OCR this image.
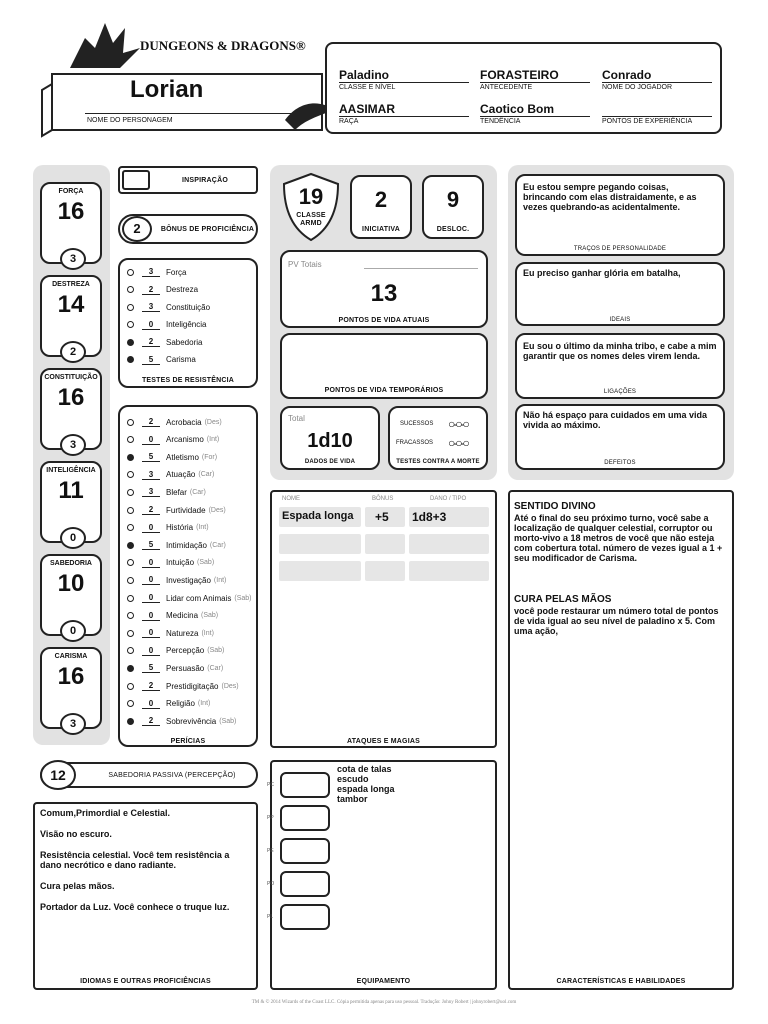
DUNGEONS & DRAGONS®
Lorian
NOME DO PERSONAGEM
Paladino
CLASSE E NÍVEL
FORASTEIRO
ANTECEDENTE
Conrado
NOME DO JOGADOR
AASIMAR
RAÇA
Caotico Bom
TENDÊNCIA	PONTOS DE EXPERIÊNCIA
FORÇA
16
3
DESTREZA
14
2
CONSTITUIÇÃO
16
3
INTELIGÊNCIA
11
0
SABEDORIA
10
0
CARISMA
16
3
INSPIRAÇÃO
2	BÔNUS DE PROFICIÊNCIA
3	Força
2	Destreza
3	Constituição
0	Inteligência
2	Sabedoria
5	Carisma
TESTES DE RESISTÊNCIA
2	Acrobacia (Des)
0	Arcanismo (Int)
5	Atletismo (For)
3	Atuação (Car)
3	Blefar (Car)
2	Furtividade (Des)
0	História (Int)
5	Intimidação (Car)
0	Intuição (Sab)
0	Investigação (Int)
0	Lidar com Animais (Sab)
0	Medicina (Sab)
0	Natureza (Int)
0	Percepção (Sab)
5	Persuasão (Car)
2	Prestidigitação (Des)
0	Religião (Int)
2	Sobrevivência (Sab)
PERÍCIAS
12	SABEDORIA PASSIVA (PERCEPÇÃO)
Comum,Primordial e Celestial.
Visão no escuro.
Resistência celestial. Você tem resistência a dano necrótico e dano radiante.
Cura pelas mãos.
Portador da Luz. Você conhece o truque luz.
IDIOMAS E OUTRAS PROFICIÊNCIAS
19
CLASSE ARMD
2
INICIATIVA
9
DESLOC.
PV Totais
13
PONTOS DE VIDA ATUAIS
PONTOS DE VIDA TEMPORÁRIOS
Total
1d10
DADOS DE VIDA
SUCESSOS ○-○-○
FRACASSOS ○-○-○
TESTES CONTRA A MORTE
NOME	BÔNUS	DANO / TIPO
Espada longa +5 1d8+3
ATAQUES E MAGIAS
PC
PP
PE
PO
PL
cota de talas
escudo
espada longa
tambor
EQUIPAMENTO
Eu estou sempre pegando coisas, brincando com elas distraidamente, e as vezes quebrando-as acidentalmente.
TRAÇOS DE PERSONALIDADE
Eu preciso ganhar glória em batalha,
IDEAIS
Eu sou o último da minha tribo, e cabe a mim garantir que os nomes deles virem lenda.
LIGAÇÕES
Não há espaço para cuidados em uma vida vivida ao máximo.
DEFEITOS
SENTIDO DIVINO
Até o final do seu próximo turno, você sabe a localização de qualquer celestial, corruptor ou morto-vivo a 18 metros de você que não esteja com cobertura total. número de vezes igual a 1 + seu modificador de Carisma.
CURA PELAS MÃOS
você pode restaurar um número total de pontos de vida igual ao seu nível de paladino x 5. Com uma ação,
CARACTERÍSTICAS E HABILIDADES
TM & © 2014 Wizards of the Coast LLC. Cópia permitida apenas para uso pessoal. Tradução: Johny Robert | johnyrobert@uol.com
